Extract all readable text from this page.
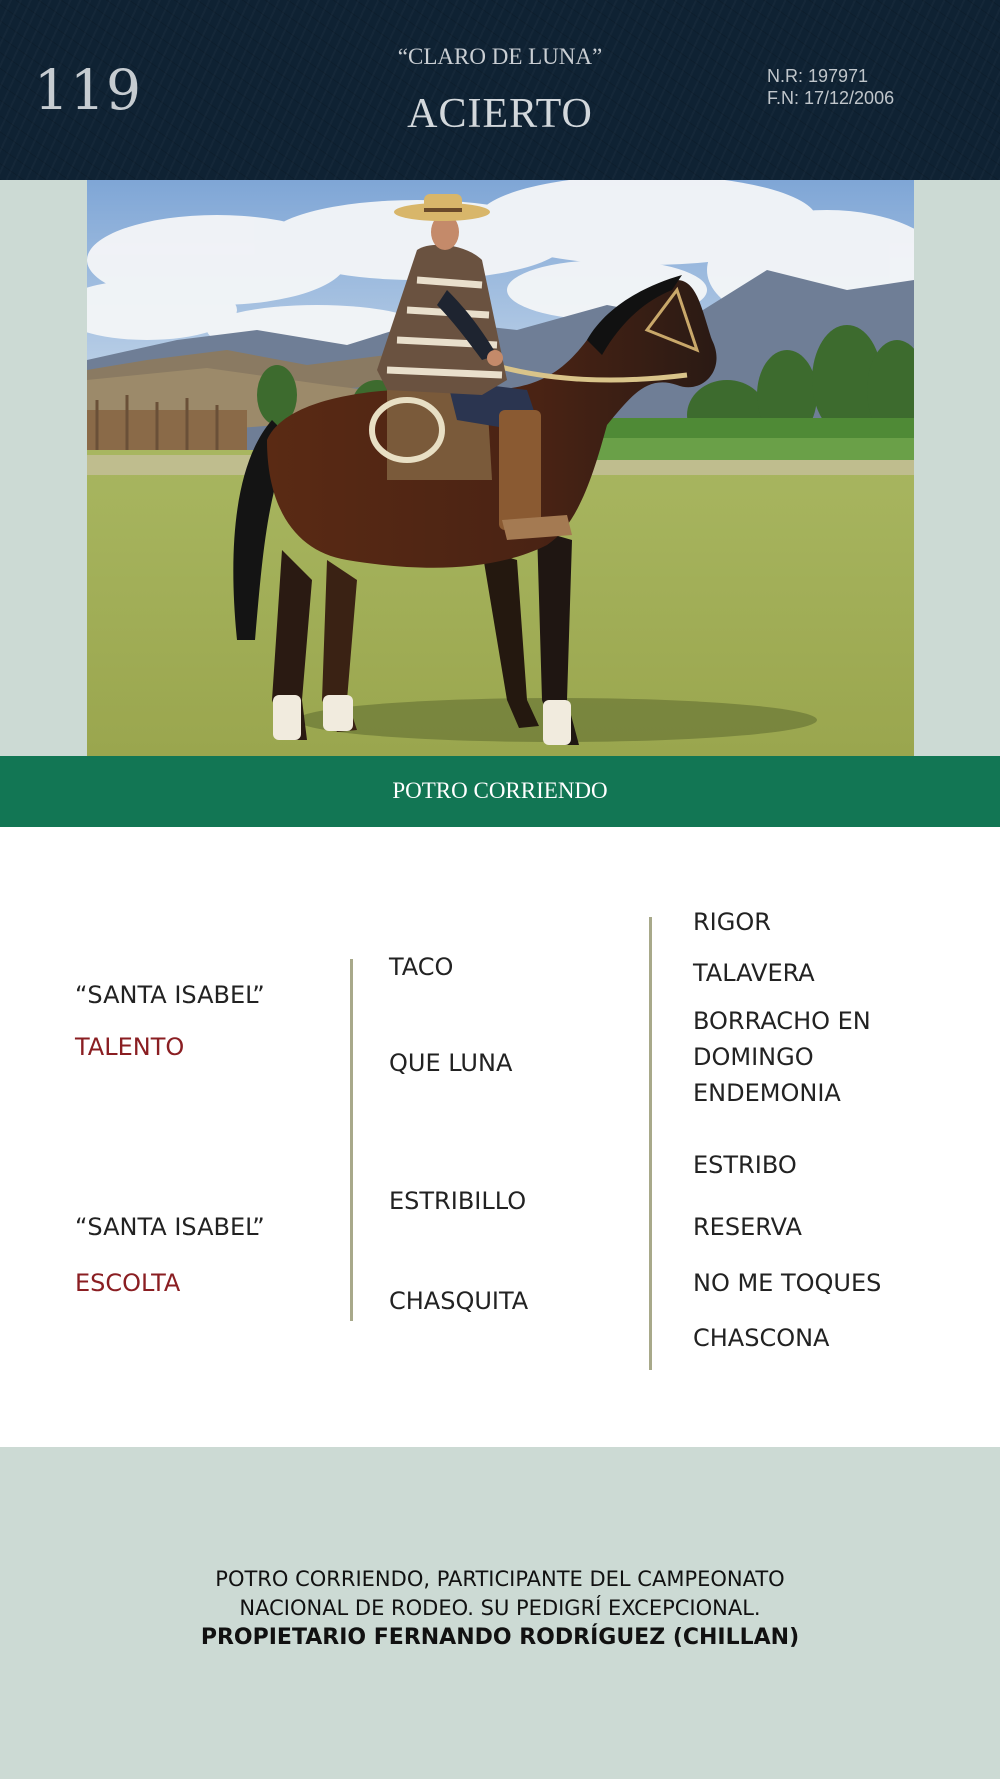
119
“CLARO DE LUNA”
ACIERTO
N.R: 197971
F.N: 17/12/2006
POTRO CORRIENDO
“SANTA ISABEL”
TALENTO
“SANTA ISABEL”
ESCOLTA
TACO
QUE LUNA
ESTRIBILLO
CHASQUITA
RIGOR
TALAVERA
BORRACHO EN DOMINGO ENDEMONIA
ESTRIBO
RESERVA
NO ME TOQUES
CHASCONA
POTRO CORRIENDO, PARTICIPANTE DEL CAMPEONATO
NACIONAL DE RODEO. SU PEDIGRÍ EXCEPCIONAL.
PROPIETARIO FERNANDO RODRÍGUEZ (CHILLAN)
